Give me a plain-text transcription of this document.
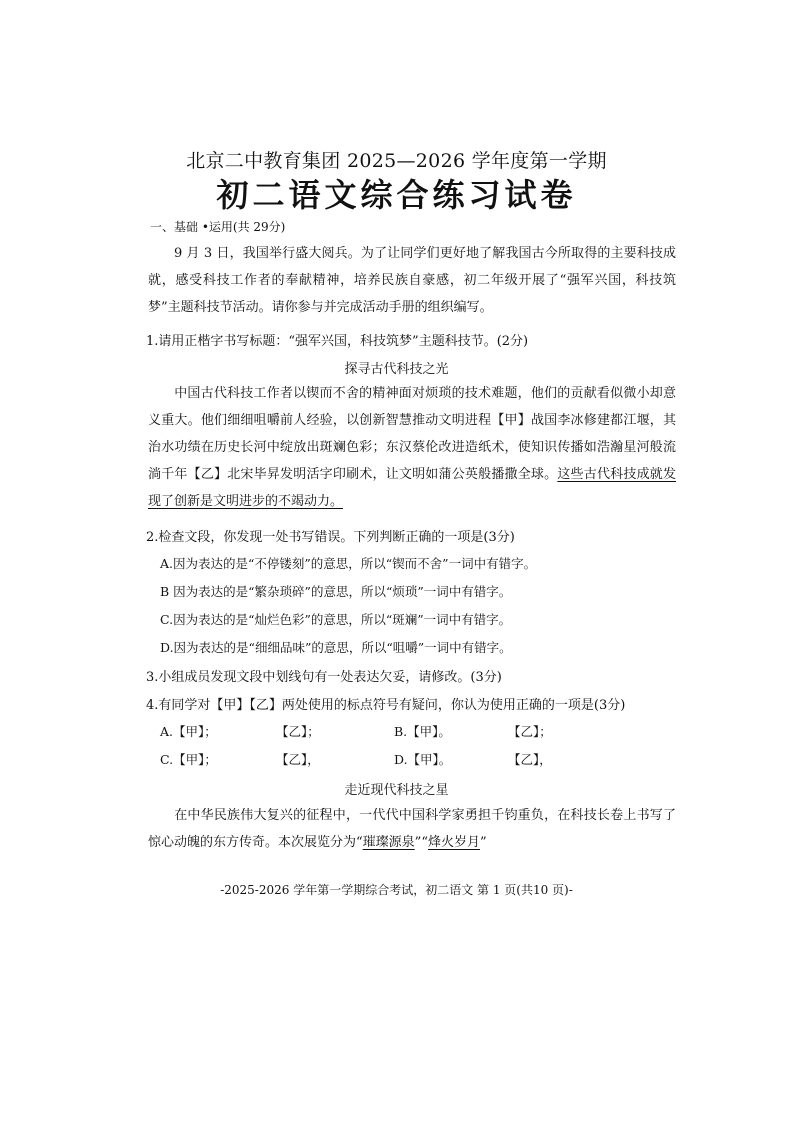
北京二中教育集团 2025—2026 学年度第一学期
初二语文综合练习试卷
一、基础 •运用(共 29分)
9 月 3 日，我国举行盛大阅兵。为了让同学们更好地了解我国古今所取得的主要科技成就，感受科技工作者的奉献精神，培养民族自豪感，初二年级开展了“强军兴国，科技筑梦”主题科技节活动。请你参与并完成活动手册的组织编写。
1.请用正楷字书写标题：“强军兴国，科技筑梦”主题科技节。(2分)
探寻古代科技之光
中国古代科技工作者以锲而不舍的精神面对烦琐的技术难题，他们的贡献看似微小却意义重大。他们细细咀嚼前人经验，以创新智慧推动文明进程【甲】战国李冰修建都江堰，其治水功绩在历史长河中绽放出斑斓色彩；东汉蔡伦改进造纸术，使知识传播如浩瀚星河般流淌千年【乙】北宋毕昇发明活字印刷术，让文明如蒲公英般播撒全球。这些古代科技成就发现了创新是文明进步的不竭动力。
2.检查文段，你发现一处书写错误。下列判断正确的一项是(3分)
A.因为表达的是“不停镂刻”的意思，所以“锲而不舍”一词中有错字。
B 因为表达的是“繁杂琐碎”的意思，所以“烦琐”一词中有错字。
C.因为表达的是“灿烂色彩”的意思，所以“斑斓”一词中有错字。
D.因为表达的是“细细品味”的意思，所以“咀嚼”一词中有错字。
3.小组成员发现文段中划线句有一处表达欠妥，请修改。(3分)
4.有同学对【甲】【乙】两处使用的标点符号有疑问，你认为使用正确的一项是(3分)
A.【甲】；	【乙】；	B.【甲】。	【乙】；
C.【甲】；	【乙】，	D.【甲】。	【乙】，
走近现代科技之星
在中华民族伟大复兴的征程中，一代代中国科学家勇担千钧重负，在科技长卷上书写了惊心动魄的东方传奇。本次展览分为“璀璨源泉”“烽火岁月”
-2025-2026 学年第一学期综合考试，初二语文 第 1 页(共10 页)-
